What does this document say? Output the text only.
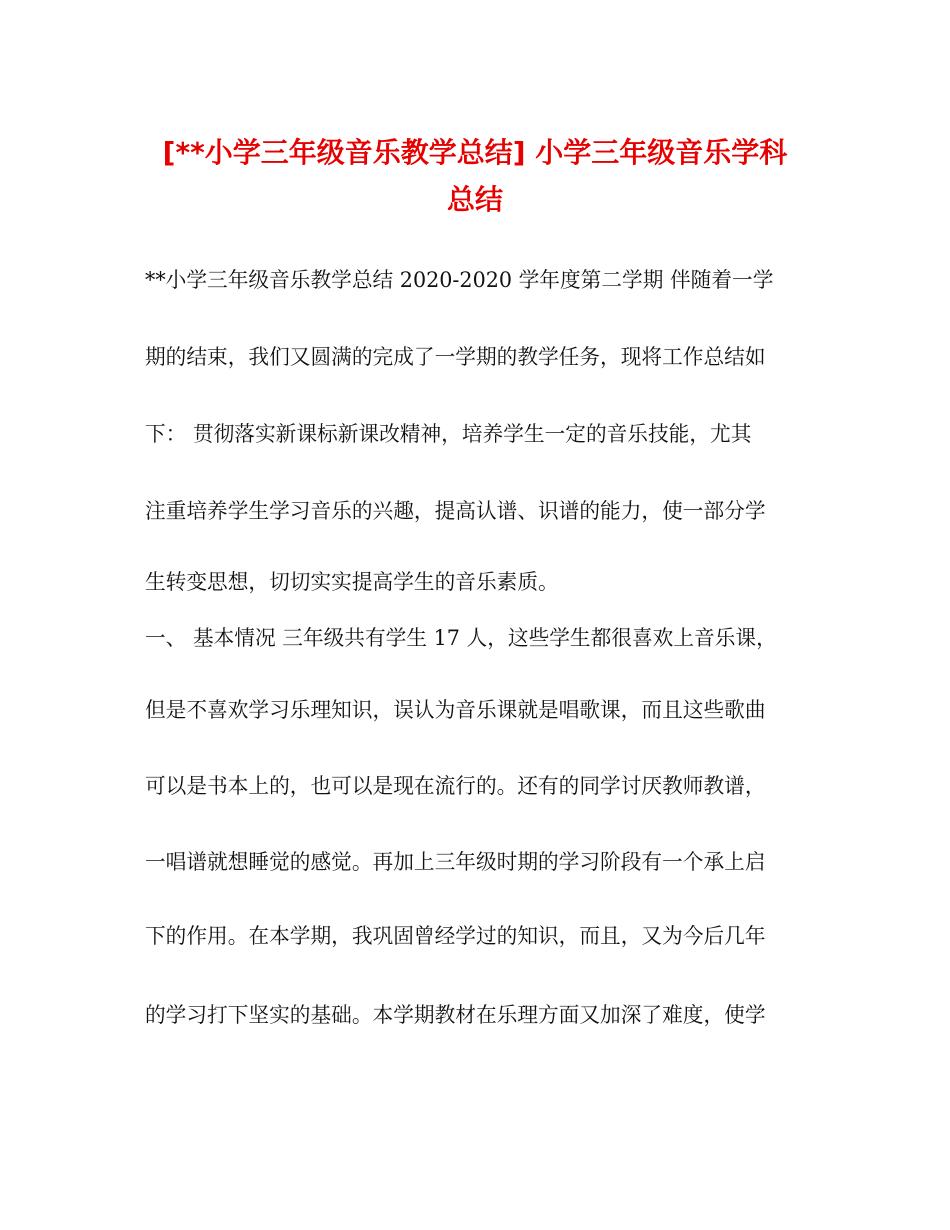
[**小学三年级音乐教学总结] 小学三年级音乐学科
总结

**小学三年级音乐教学总结 2020-2020 学年度第二学期 伴随着一学

期的结束，我们又圆满的完成了一学期的教学任务，现将工作总结如

下： 贯彻落实新课标新课改精神，培养学生一定的音乐技能，尤其

注重培养学生学习音乐的兴趣，提高认谱、识谱的能力，使一部分学

生转变思想，切切实实提高学生的音乐素质。

一、 基本情况 三年级共有学生 17 人，这些学生都很喜欢上音乐课，

但是不喜欢学习乐理知识，误认为音乐课就是唱歌课，而且这些歌曲

可以是书本上的，也可以是现在流行的。还有的同学讨厌教师教谱，

一唱谱就想睡觉的感觉。再加上三年级时期的学习阶段有一个承上启

下的作用。在本学期，我巩固曾经学过的知识，而且，又为今后几年

的学习打下坚实的基础。本学期教材在乐理方面又加深了难度，使学
